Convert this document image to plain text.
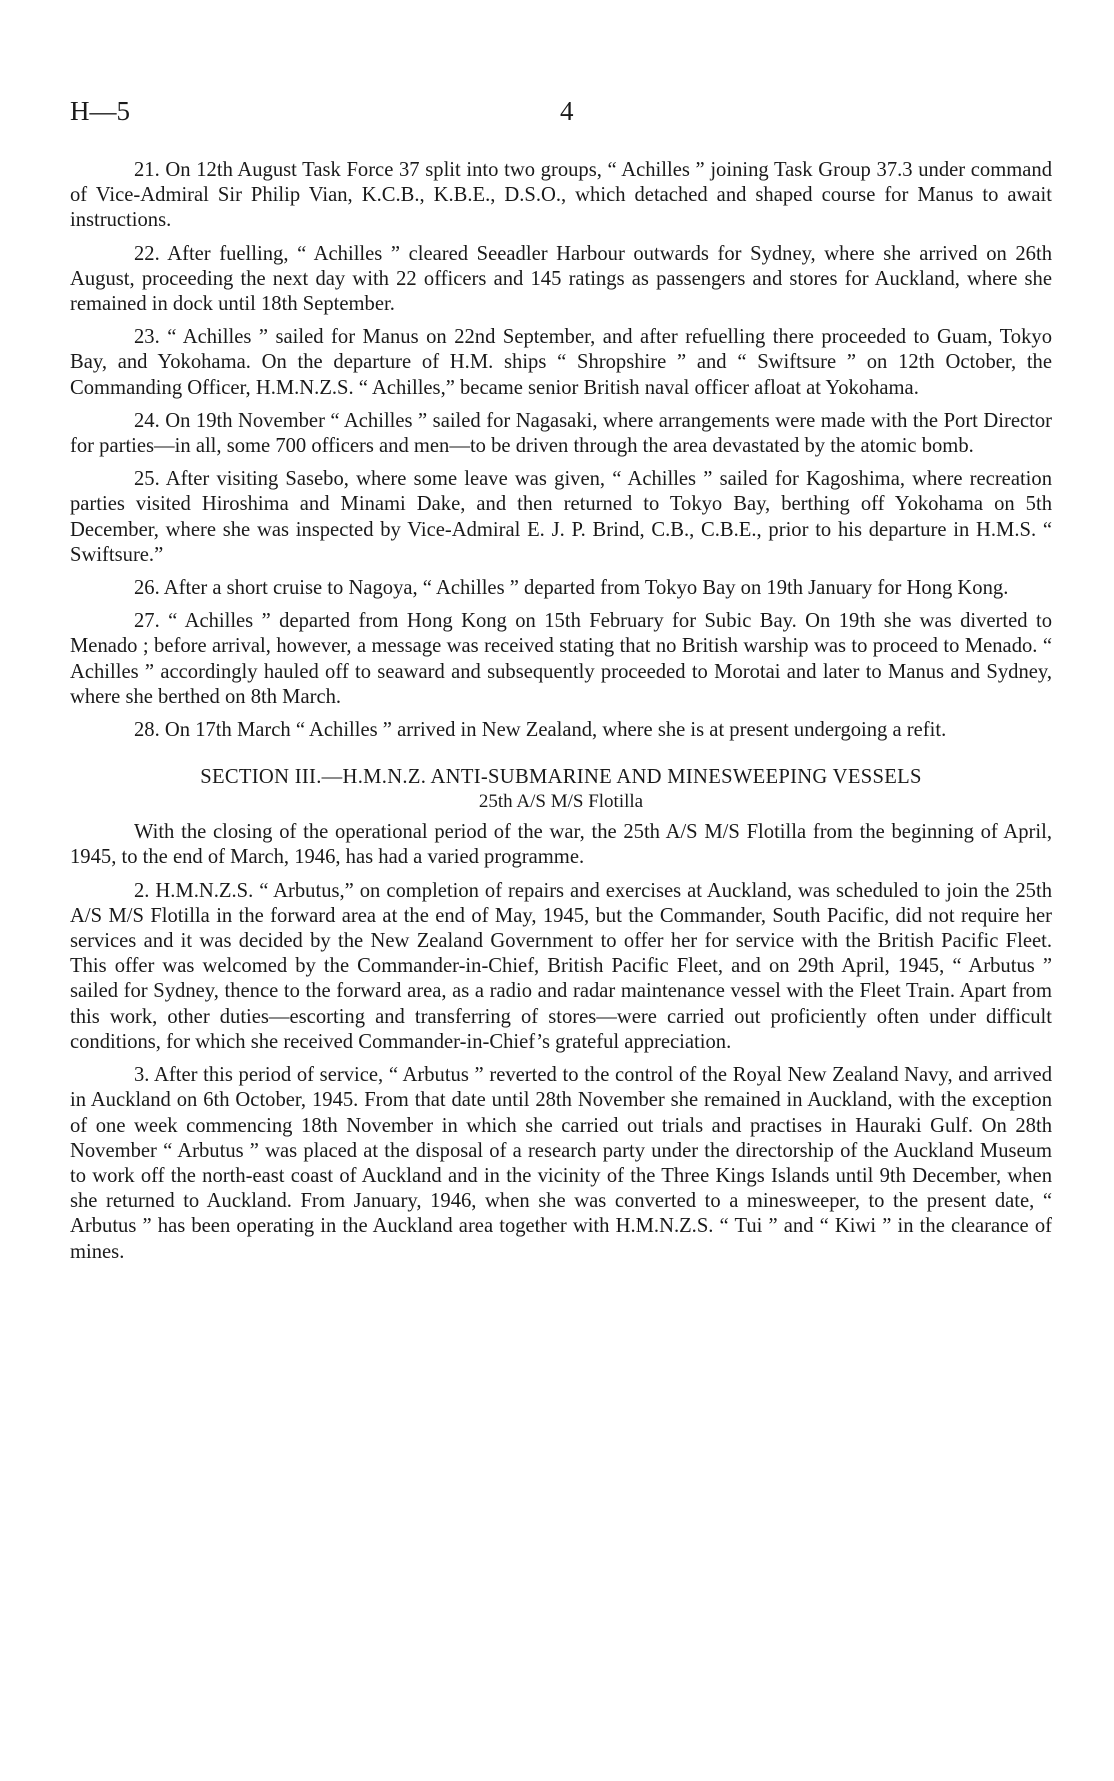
H—5	4

21. On 12th August Task Force 37 split into two groups, “ Achilles ” joining Task Group 37.3 under command of Vice-Admiral Sir Philip Vian, K.C.B., K.B.E., D.S.O., which detached and shaped course for Manus to await instructions.

22. After fuelling, “ Achilles ” cleared Seeadler Harbour outwards for Sydney, where she arrived on 26th August, proceeding the next day with 22 officers and 145 ratings as passengers and stores for Auckland, where she remained in dock until 18th September.

23. “ Achilles ” sailed for Manus on 22nd September, and after refuelling there proceeded to Guam, Tokyo Bay, and Yokohama. On the departure of H.M. ships “ Shropshire ” and “ Swiftsure ” on 12th October, the Commanding Officer, H.M.N.Z.S. “ Achilles,” became senior British naval officer afloat at Yokohama.

24. On 19th November “ Achilles ” sailed for Nagasaki, where arrangements were made with the Port Director for parties—in all, some 700 officers and men—to be driven through the area devastated by the atomic bomb.

25. After visiting Sasebo, where some leave was given, “ Achilles ” sailed for Kagoshima, where recreation parties visited Hiroshima and Minami Dake, and then returned to Tokyo Bay, berthing off Yokohama on 5th December, where she was inspected by Vice-Admiral E. J. P. Brind, C.B., C.B.E., prior to his departure in H.M.S. “ Swiftsure.”

26. After a short cruise to Nagoya, “ Achilles ” departed from Tokyo Bay on 19th January for Hong Kong.

27. “ Achilles ” departed from Hong Kong on 15th February for Subic Bay. On 19th she was diverted to Menado ; before arrival, however, a message was received stating that no British warship was to proceed to Menado. “ Achilles ” accordingly hauled off to seaward and subsequently proceeded to Morotai and later to Manus and Sydney, where she berthed on 8th March.

28. On 17th March “ Achilles ” arrived in New Zealand, where she is at present undergoing a refit.

SECTION III.—H.M.N.Z. ANTI-SUBMARINE AND MINESWEEPING VESSELS
25th A/S M/S Flotilla

With the closing of the operational period of the war, the 25th A/S M/S Flotilla from the beginning of April, 1945, to the end of March, 1946, has had a varied programme.

2. H.M.N.Z.S. “ Arbutus,” on completion of repairs and exercises at Auckland, was scheduled to join the 25th A/S M/S Flotilla in the forward area at the end of May, 1945, but the Commander, South Pacific, did not require her services and it was decided by the New Zealand Government to offer her for service with the British Pacific Fleet. This offer was welcomed by the Commander-in-Chief, British Pacific Fleet, and on 29th April, 1945, “ Arbutus ” sailed for Sydney, thence to the forward area, as a radio and radar maintenance vessel with the Fleet Train. Apart from this work, other duties—escorting and transferring of stores—were carried out proficiently often under difficult conditions, for which she received Commander-in-Chief’s grateful appreciation.

3. After this period of service, “ Arbutus ” reverted to the control of the Royal New Zealand Navy, and arrived in Auckland on 6th October, 1945. From that date until 28th November she remained in Auckland, with the exception of one week commencing 18th November in which she carried out trials and practises in Hauraki Gulf. On 28th November “ Arbutus ” was placed at the disposal of a research party under the directorship of the Auckland Museum to work off the north-east coast of Auckland and in the vicinity of the Three Kings Islands until 9th December, when she returned to Auckland. From January, 1946, when she was converted to a minesweeper, to the present date, “ Arbutus ” has been operating in the Auckland area together with H.M.N.Z.S. “ Tui ” and “ Kiwi ” in the clearance of mines.
